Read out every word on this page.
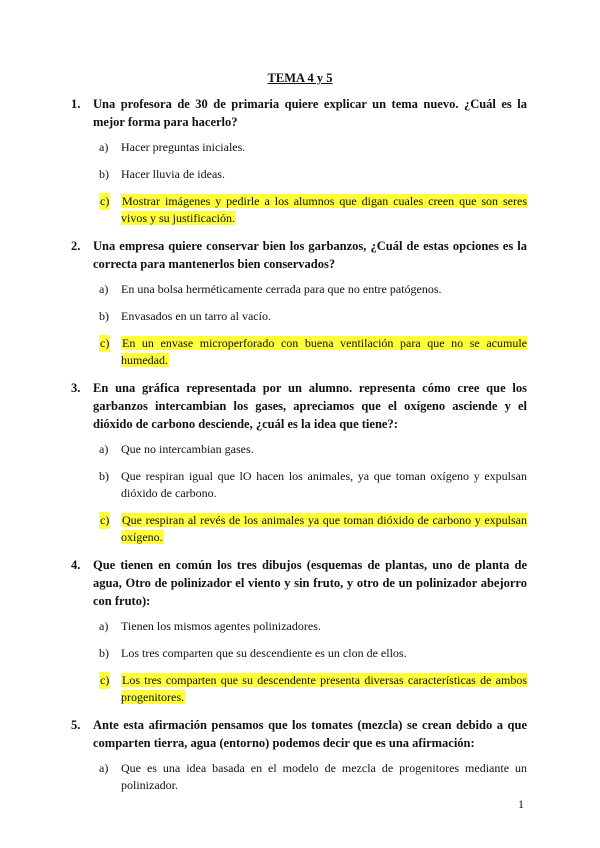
TEMA 4 y 5
1. Una profesora de 30 de primaria quiere explicar un tema nuevo. ¿Cuál es la mejor forma para hacerlo?

a) Hacer preguntas iniciales.
b) Hacer lluvia de ideas.
c) Mostrar imágenes y pedirle a los alumnos que digan cuales creen que son seres vivos y su justificación.
2. Una empresa quiere conservar bien los garbanzos, ¿Cuál de estas opciones es la correcta para mantenerlos bien conservados?

a) En una bolsa herméticamente cerrada para que no entre patógenos.
b) Envasados en un tarro al vacío.
c) En un envase microperforado con buena ventilación para que no se acumule humedad.
3. En una gráfica representada por un alumno. representa cómo cree que los garbanzos intercambian los gases, apreciamos que el oxígeno asciende y el dióxido de carbono desciende, ¿cuál es la idea que tiene?:

a) Que no intercambian gases.
b) Que respiran igual que lO hacen los animales, ya que toman oxígeno y expulsan dióxido de carbono.
c) Que respiran al revés de los animales ya que toman dióxido de carbono y expulsan oxígeno.
4. Que tienen en común los tres dibujos (esquemas de plantas, uno de planta de agua, Otro de polinizador el viento y sin fruto, y otro de un polinizador abejorro con fruto):

a) Tienen los mismos agentes polinizadores.
b) Los tres comparten que su descendiente es un clon de ellos.
c) Los tres comparten que su descendente presenta diversas características de ambos progenitores.
5. Ante esta afirmación pensamos que los tomates (mezcla) se crean debido a que comparten tierra, agua (entorno) podemos decir que es una afirmación:

a) Que es una idea basada en el modelo de mezcla de progenitores mediante un polinizador.
1
